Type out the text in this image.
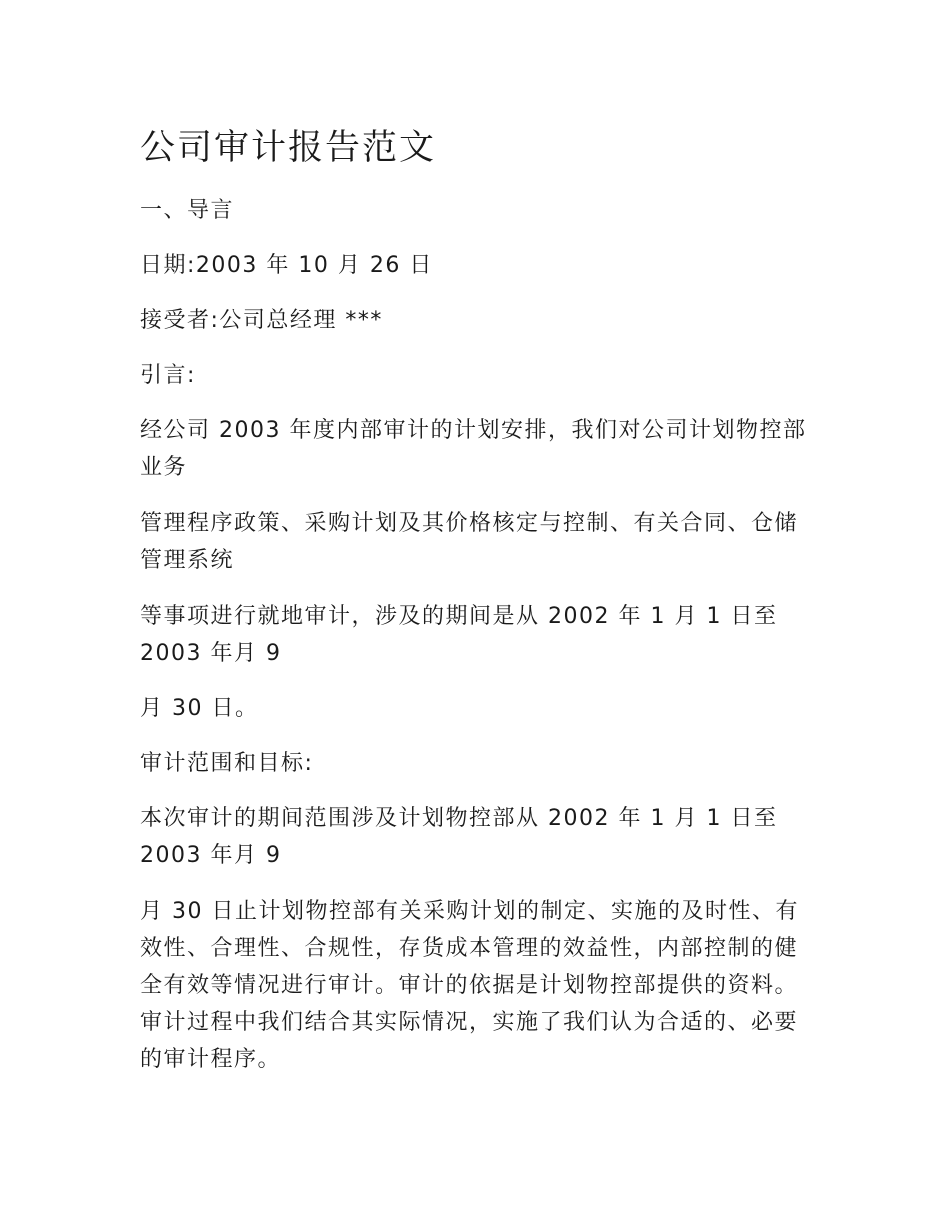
公司审计报告范文

一、导言

日期:2003 年 10 月 26 日

接受者:公司总经理 ***

引言:

经公司 2003 年度内部审计的计划安排，我们对公司计划物控部业务

管理程序政策、采购计划及其价格核定与控制、有关合同、仓储管理系统

等事项进行就地审计，涉及的期间是从 2002 年 1 月 1 日至 2003 年月 9

月 30 日。

审计范围和目标:

本次审计的期间范围涉及计划物控部从 2002 年 1 月 1 日至 2003 年月 9

月 30 日止计划物控部有关采购计划的制定、实施的及时性、有效性、合理性、合规性，存货成本管理的效益性，内部控制的健全有效等情况进行审计。审计的依据是计划物控部提供的资料。审计过程中我们结合其实际情况，实施了我们认为合适的、必要的审计程序。
